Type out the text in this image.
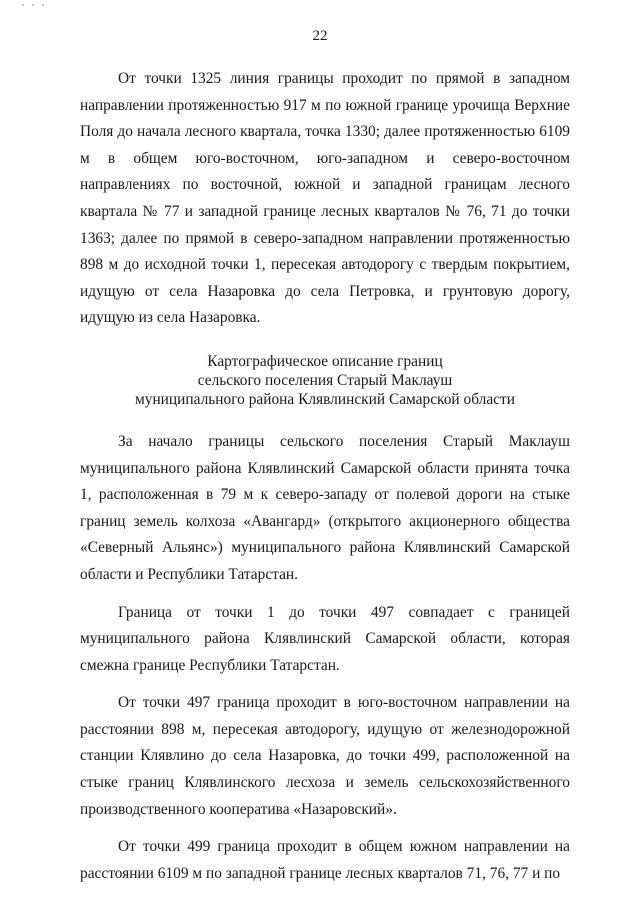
22

От точки 1325 линия границы проходит по прямой в западном направлении протяженностью 917 м по южной границе урочища Верхние Поля до начала лесного квартала, точка 1330; далее протяженностью 6109 м в общем юго-восточном, юго-западном и северо-восточном направлениях по восточной, южной и западной границам лесного квартала № 77 и западной границе лесных кварталов № 76, 71 до точки 1363; далее по прямой в северо-западном направлении протяженностью 898 м до исходной точки 1, пересекая автодорогу с твердым покрытием, идущую от села Назаровка до села Петровка, и грунтовую дорогу, идущую из села Назаровка.

Картографическое описание границ
сельского поселения Старый Маклауш
муниципального района Клявлинский Самарской области

За начало границы сельского поселения Старый Маклауш муниципального района Клявлинский Самарской области принята точка 1, расположенная в 79 м к северо-западу от полевой дороги на стыке границ земель колхоза «Авангард» (открытого акционерного общества «Северный Альянс») муниципального района Клявлинский Самарской области и Республики Татарстан.

Граница от точки 1 до точки 497 совпадает с границей муниципального района Клявлинский Самарской области, которая смежна границе Республики Татарстан.

От точки 497 граница проходит в юго-восточном направлении на расстоянии 898 м, пересекая автодорогу, идущую от железнодорожной станции Клявлино до села Назаровка, до точки 499, расположенной на стыке границ Клявлинского лесхоза и земель сельскохозяйственного производственного кооператива «Назаровский».

От точки 499 граница проходит в общем южном направлении на расстоянии 6109 м по западной границе лесных кварталов 71, 76, 77 и по
